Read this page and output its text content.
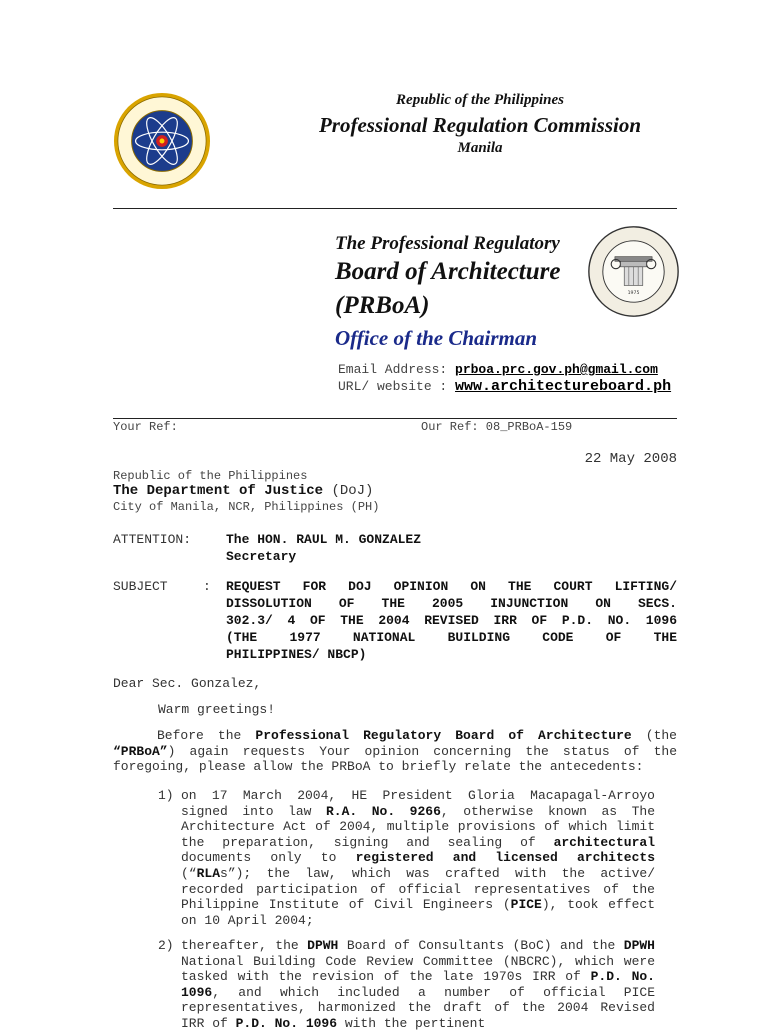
Republic of the Philippines
Professional Regulation Commission
Manila
The Professional Regulatory
Board of Architecture
(PRBoA)
Office of the Chairman
1975
Email Address: prboa.prc.gov.ph@gmail.com
URL/ website : www.architectureboard.ph
Your Ref:	Our Ref: 08_PRBoA-159
22 May 2008
Republic of the Philippines
The Department of Justice (DoJ)
City of Manila, NCR, Philippines (PH)
ATTENTION:	The HON. RAUL M. GONZALEZ
Secretary
SUBJECT	: REQUEST FOR DOJ OPINION ON THE COURT LIFTING/
DISSOLUTION OF THE 2005 INJUNCTION ON SECS.
302.3/ 4 OF THE 2004 REVISED IRR OF P.D. NO. 1096
(THE 1977 NATIONAL BUILDING CODE OF THE
PHILIPPINES/ NBCP)
Dear Sec. Gonzalez,
Warm greetings!
Before the Professional Regulatory Board of Architecture (the “PRBoA”) again requests Your opinion concerning the status of the foregoing, please allow the PRBoA to briefly relate the antecedents:
1) on 17 March 2004, HE President Gloria Macapagal-Arroyo signed into law R.A. No. 9266, otherwise known as The Architecture Act of 2004, multiple provisions of which limit the preparation, signing and sealing of architectural documents only to registered and licensed architects (“RLAs”); the law, which was crafted with the active/ recorded participation of official representatives of the Philippine Institute of Civil Engineers (PICE), took effect on 10 April 2004;
2) thereafter, the DPWH Board of Consultants (BoC) and the DPWH National Building Code Review Committee (NBCRC), which were tasked with the revision of the late 1970s IRR of P.D. No. 1096, and which included a number of official PICE representatives, harmonized the draft of the 2004 Revised IRR of P.D. No. 1096 with the pertinent
